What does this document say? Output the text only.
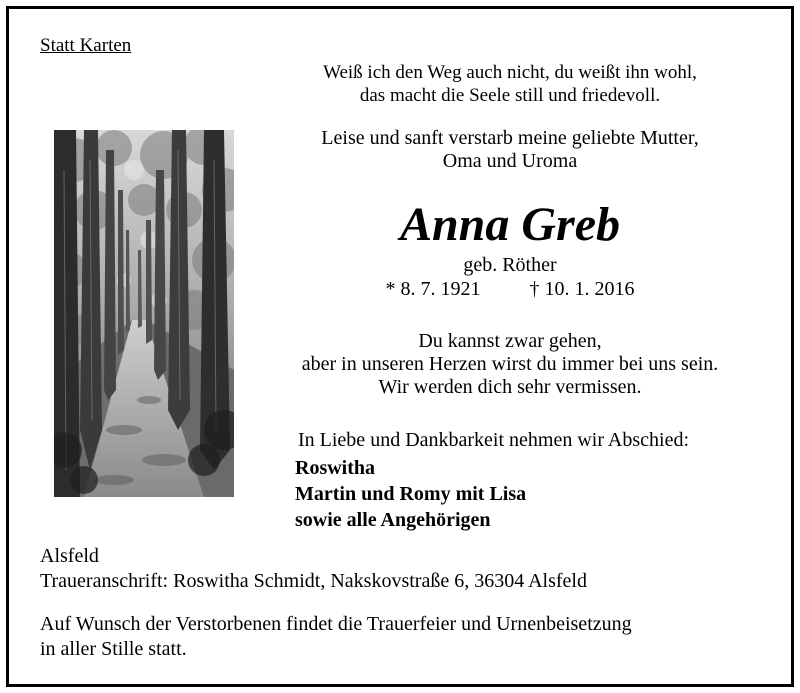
Statt Karten
Weiß ich den Weg auch nicht, du weißt ihn wohl,
das macht die Seele still und friedevoll.
Leise und sanft verstarb meine geliebte Mutter,
Oma und Uroma
Anna Greb
geb. Röther
* 8. 7. 1921 † 10. 1. 2016
Du kannst zwar gehen,
aber in unseren Herzen wirst du immer bei uns sein.
Wir werden dich sehr vermissen.
In Liebe und Dankbarkeit nehmen wir Abschied:
Roswitha
Martin und Romy mit Lisa
sowie alle Angehörigen
Alsfeld
Traueranschrift: Roswitha Schmidt, Nakskovstraße 6, 36304 Alsfeld
Auf Wunsch der Verstorbenen findet die Trauerfeier und Urnenbeisetzung
in aller Stille statt.
